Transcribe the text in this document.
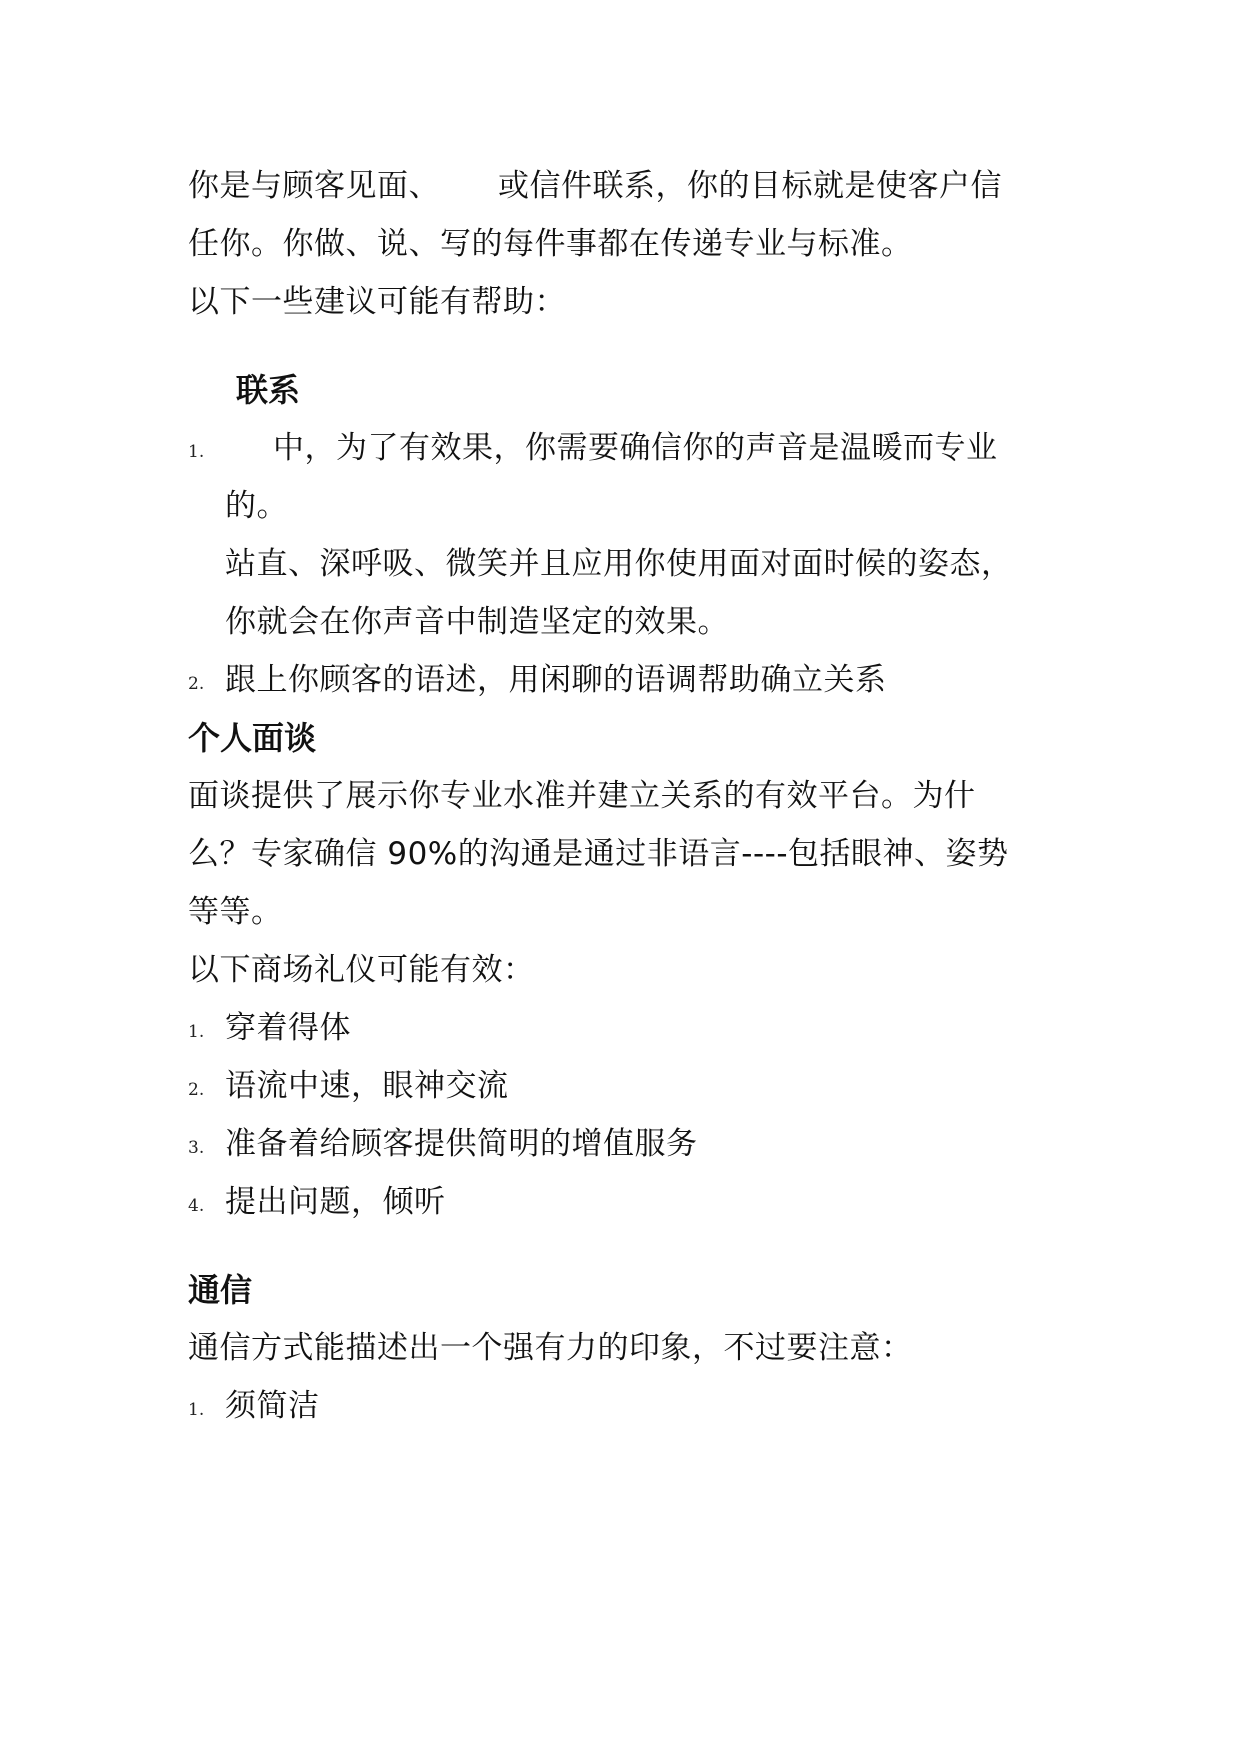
你是与顾客见面、 或信件联系，你的目标就是使客户信
任你。你做、说、写的每件事都在传递专业与标准。
以下一些建议可能有帮助：
联系
1.	中，为了有效果，你需要确信你的声音是温暖而专业
的。
站直、深呼吸、微笑并且应用你使用面对面时候的姿态，
你就会在你声音中制造坚定的效果。
2. 跟上你顾客的语述，用闲聊的语调帮助确立关系
个人面谈
面谈提供了展示你专业水准并建立关系的有效平台。为什
么？专家确信 90%的沟通是通过非语言----包括眼神、姿势
等等。
以下商场礼仪可能有效：
1. 穿着得体
2. 语流中速，眼神交流
3. 准备着给顾客提供简明的增值服务
4. 提出问题，倾听
通信
通信方式能描述出一个强有力的印象，不过要注意：
1. 须简洁
